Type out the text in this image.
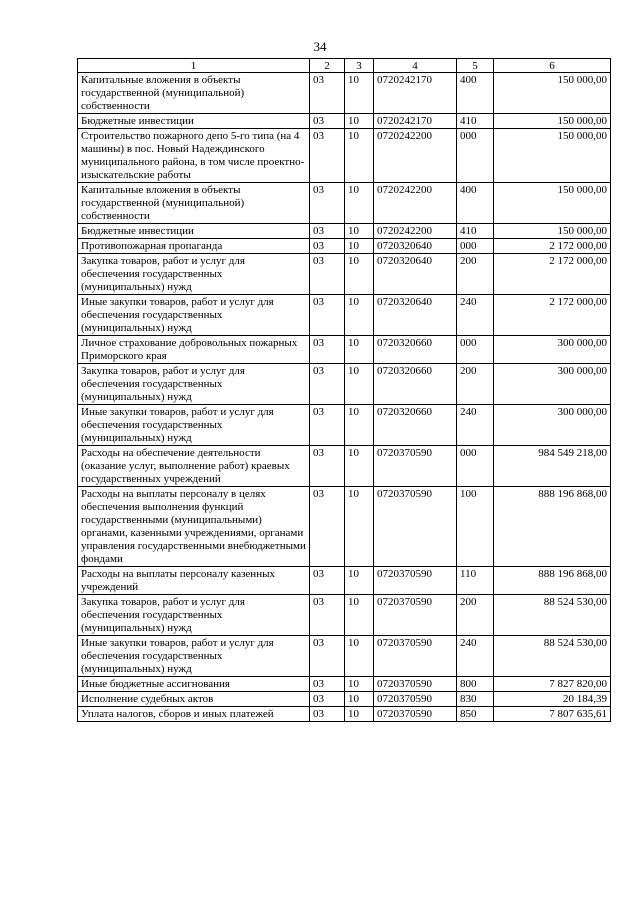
34
1	2	3	4	5	6
Капитальные вложения в объекты государственной (муниципальной) собственности	03	10	0720242170	400	150 000,00
Бюджетные инвестиции	03	10	0720242170	410	150 000,00
Строительство пожарного депо 5-го типа (на 4 машины) в пос. Новый Надеждинского муниципального района, в том числе проектно-изыскательские работы	03	10	0720242200	000	150 000,00
Капитальные вложения в объекты государственной (муниципальной) собственности	03	10	0720242200	400	150 000,00
Бюджетные инвестиции	03	10	0720242200	410	150 000,00
Противопожарная пропаганда	03	10	0720320640	000	2 172 000,00
Закупка товаров, работ и услуг для обеспечения государственных (муниципальных) нужд	03	10	0720320640	200	2 172 000,00
Иные закупки товаров, работ и услуг для обеспечения государственных (муниципальных) нужд	03	10	0720320640	240	2 172 000,00
Личное страхование добровольных пожарных Приморского края	03	10	0720320660	000	300 000,00
Закупка товаров, работ и услуг для обеспечения государственных (муниципальных) нужд	03	10	0720320660	200	300 000,00
Иные закупки товаров, работ и услуг для обеспечения государственных (муниципальных) нужд	03	10	0720320660	240	300 000,00
Расходы на обеспечение деятельности (оказание услуг, выполнение работ) краевых государственных учреждений	03	10	0720370590	000	984 549 218,00
Расходы на выплаты персоналу в целях обеспечения выполнения функций государственными (муниципальными) органами, казенными учреждениями, органами управления государственными внебюджетными фондами	03	10	0720370590	100	888 196 868,00
Расходы на выплаты персоналу казенных учреждений	03	10	0720370590	110	888 196 868,00
Закупка товаров, работ и услуг для обеспечения государственных (муниципальных) нужд	03	10	0720370590	200	88 524 530,00
Иные закупки товаров, работ и услуг для обеспечения государственных (муниципальных) нужд	03	10	0720370590	240	88 524 530,00
Иные бюджетные ассигнования	03	10	0720370590	800	7 827 820,00
Исполнение судебных актов	03	10	0720370590	830	20 184,39
Уплата налогов, сборов и иных платежей	03	10	0720370590	850	7 807 635,61
